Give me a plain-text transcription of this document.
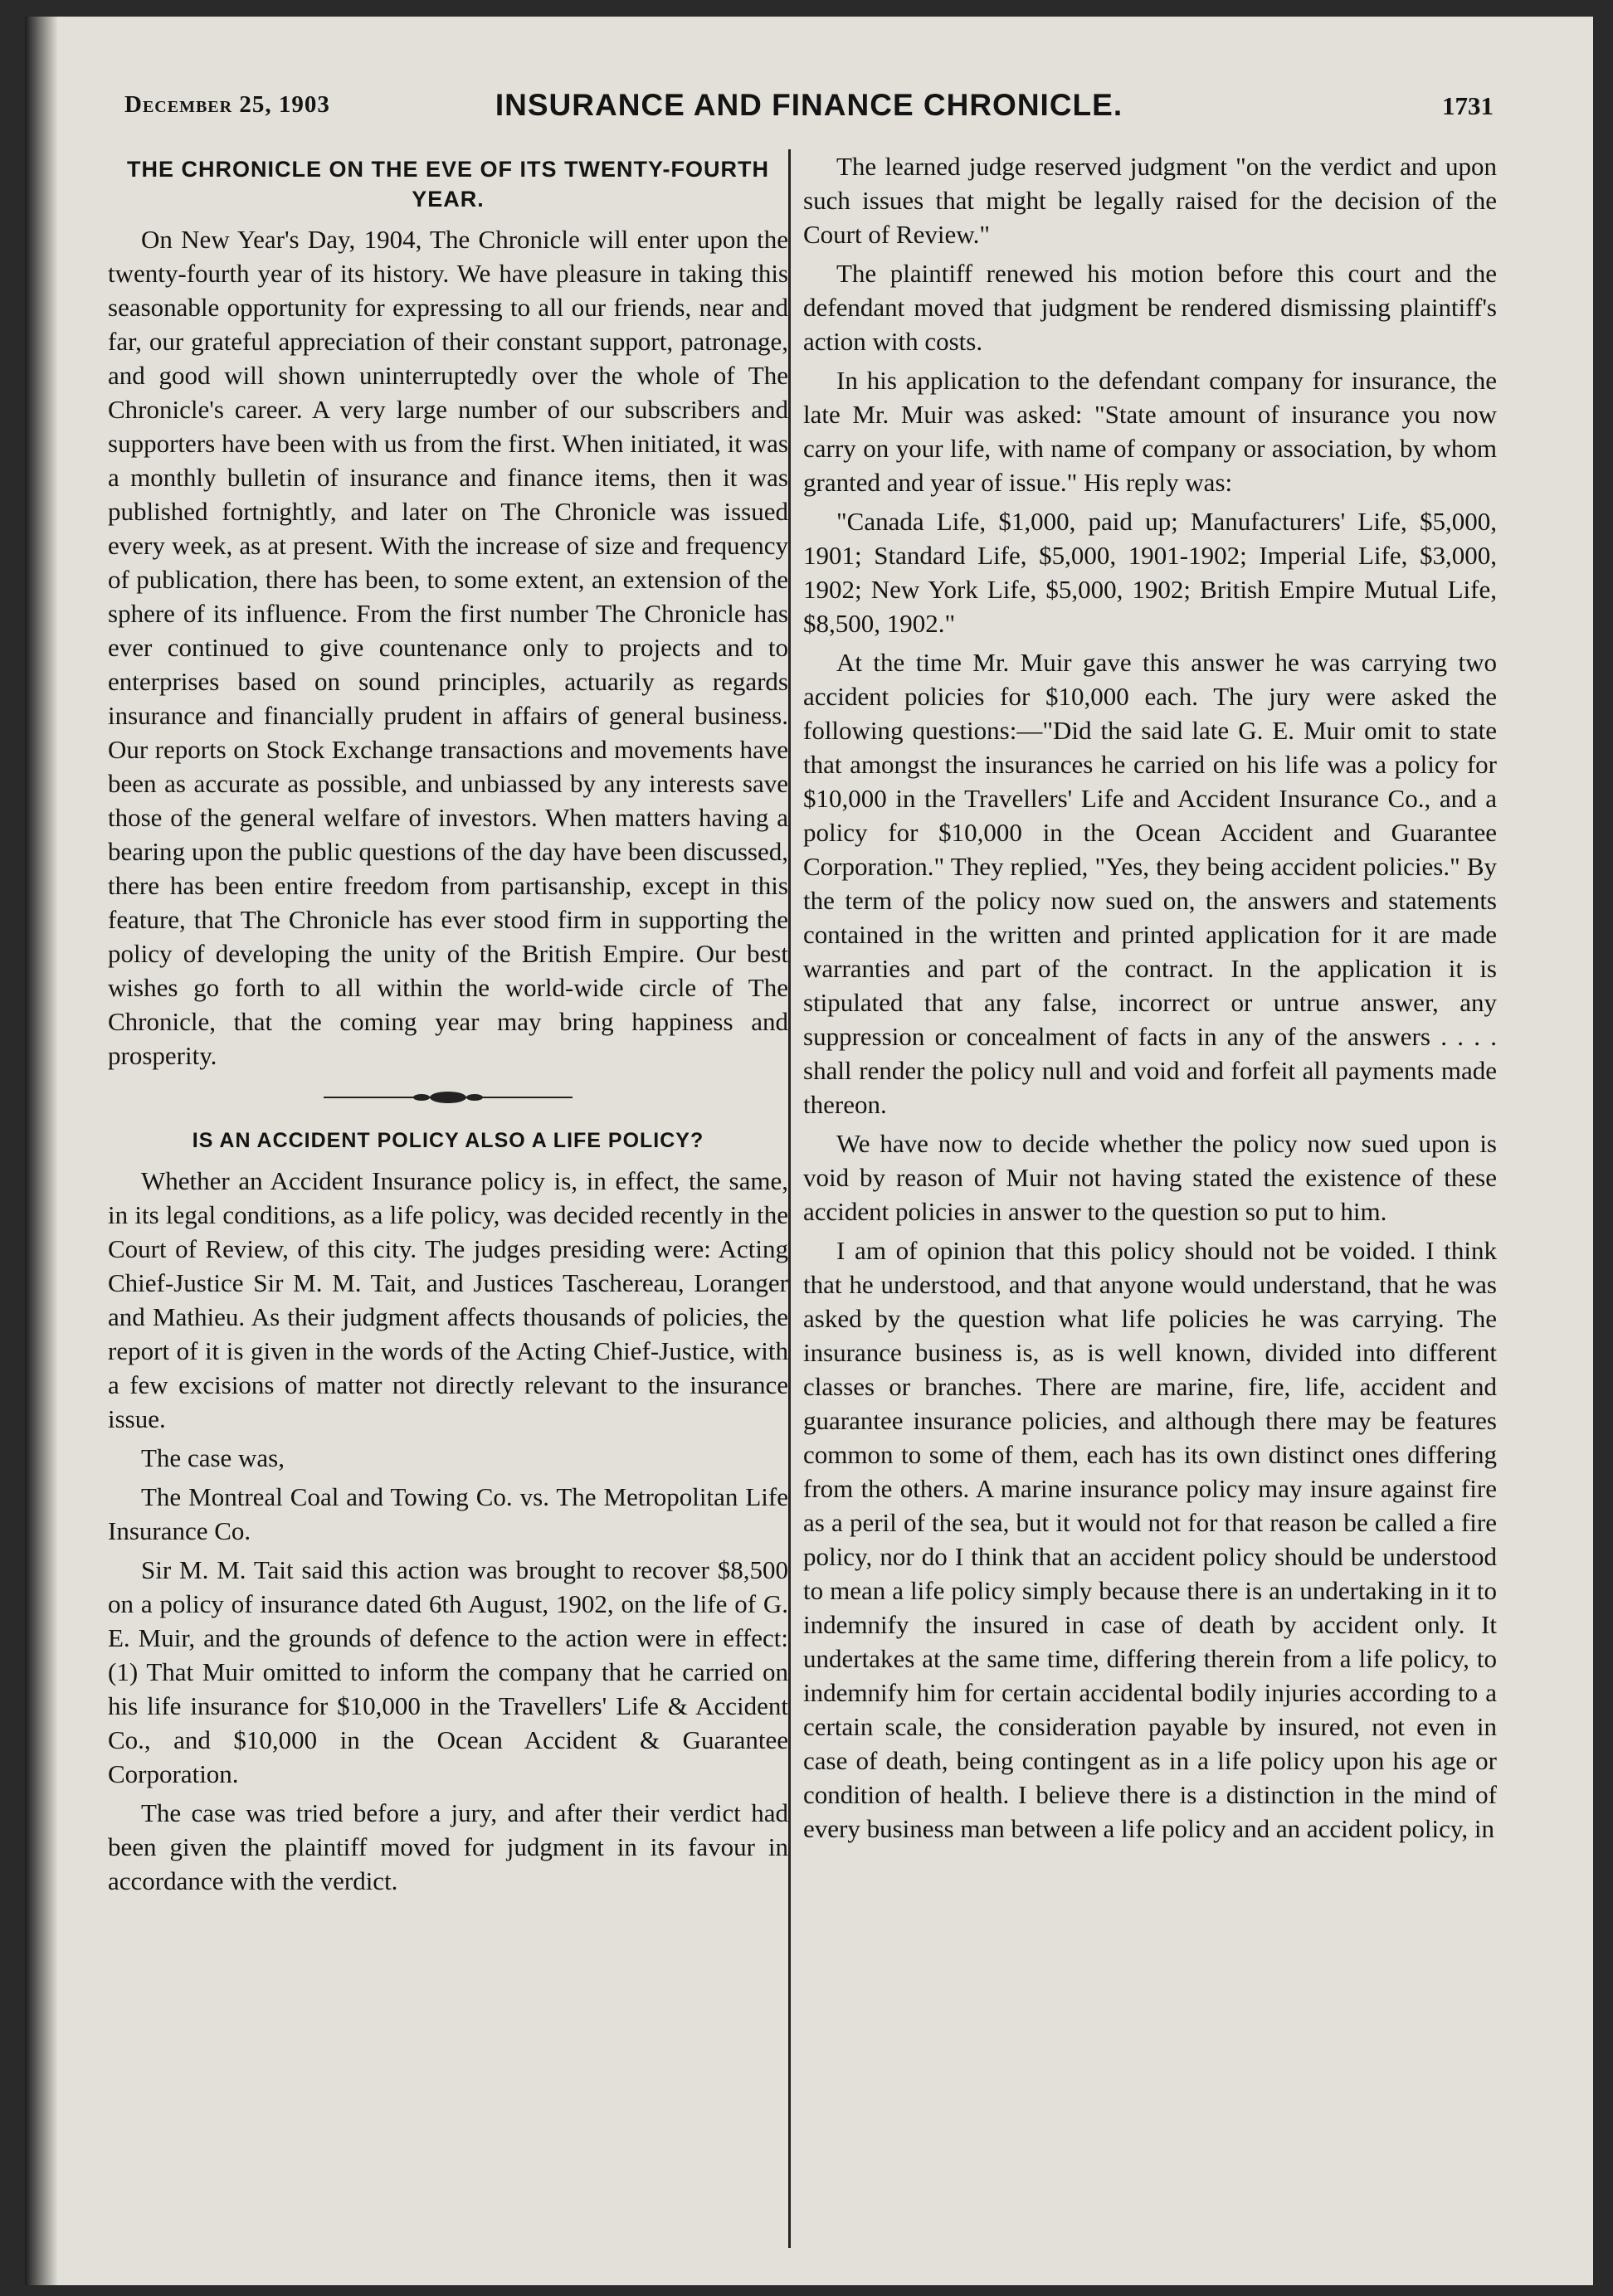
December 25, 1903	INSURANCE AND FINANCE CHRONICLE.	1731
THE CHRONICLE ON THE EVE OF ITS TWENTY-FOURTH YEAR.

On New Year's Day, 1904, The Chronicle will enter upon the twenty-fourth year of its history. We have pleasure in taking this seasonable opportunity for expressing to all our friends, near and far, our grateful appreciation of their constant support, patronage, and good will shown uninterruptedly over the whole of The Chronicle's career. A very large number of our subscribers and supporters have been with us from the first. When initiated, it was a monthly bulletin of insurance and finance items, then it was published fortnightly, and later on The Chronicle was issued every week, as at present. With the increase of size and frequency of publication, there has been, to some extent, an extension of the sphere of its influence. From the first number The Chronicle has ever continued to give countenance only to projects and to enterprises based on sound principles, actuarily as regards insurance and financially prudent in affairs of general business. Our reports on Stock Exchange transactions and movements have been as accurate as possible, and unbiassed by any interests save those of the general welfare of investors. When matters having a bearing upon the public questions of the day have been discussed, there has been entire freedom from partisanship, except in this feature, that The Chronicle has ever stood firm in supporting the policy of developing the unity of the British Empire. Our best wishes go forth to all within the world-wide circle of The Chronicle, that the coming year may bring happiness and prosperity.

IS AN ACCIDENT POLICY ALSO A LIFE POLICY?

Whether an Accident Insurance policy is, in effect, the same, in its legal conditions, as a life policy, was decided recently in the Court of Review, of this city. The judges presiding were: Acting Chief-Justice Sir M. M. Tait, and Justices Taschereau, Loranger and Mathieu. As their judgment affects thousands of policies, the report of it is given in the words of the Acting Chief-Justice, with a few excisions of matter not directly relevant to the insurance issue.

The case was,

The Montreal Coal and Towing Co. vs. The Metropolitan Life Insurance Co.

Sir M. M. Tait said this action was brought to recover $8,500 on a policy of insurance dated 6th August, 1902, on the life of G. E. Muir, and the grounds of defence to the action were in effect: (1) That Muir omitted to inform the company that he carried on his life insurance for $10,000 in the Travellers' Life & Accident Co., and $10,000 in the Ocean Accident & Guarantee Corporation.

The case was tried before a jury, and after their verdict had been given the plaintiff moved for judgment in its favour in accordance with the verdict.

The learned judge reserved judgment "on the verdict and upon such issues that might be legally raised for the decision of the Court of Review."

The plaintiff renewed his motion before this court and the defendant moved that judgment be rendered dismissing plaintiff's action with costs.

In his application to the defendant company for insurance, the late Mr. Muir was asked: "State amount of insurance you now carry on your life, with name of company or association, by whom granted and year of issue." His reply was:

"Canada Life, $1,000, paid up; Manufacturers' Life, $5,000, 1901; Standard Life, $5,000, 1901-1902; Imperial Life, $3,000, 1902; New York Life, $5,000, 1902; British Empire Mutual Life, $8,500, 1902."

At the time Mr. Muir gave this answer he was carrying two accident policies for $10,000 each. The jury were asked the following questions:—"Did the said late G. E. Muir omit to state that amongst the insurances he carried on his life was a policy for $10,000 in the Travellers' Life and Accident Insurance Co., and a policy for $10,000 in the Ocean Accident and Guarantee Corporation." They replied, "Yes, they being accident policies." By the term of the policy now sued on, the answers and statements contained in the written and printed application for it are made warranties and part of the contract. In the application it is stipulated that any false, incorrect or untrue answer, any suppression or concealment of facts in any of the answers . . . . shall render the policy null and void and forfeit all payments made thereon.

We have now to decide whether the policy now sued upon is void by reason of Muir not having stated the existence of these accident policies in answer to the question so put to him.

I am of opinion that this policy should not be voided. I think that he understood, and that anyone would understand, that he was asked by the question what life policies he was carrying. The insurance business is, as is well known, divided into different classes or branches. There are marine, fire, life, accident and guarantee insurance policies, and although there may be features common to some of them, each has its own distinct ones differing from the others. A marine insurance policy may insure against fire as a peril of the sea, but it would not for that reason be called a fire policy, nor do I think that an accident policy should be understood to mean a life policy simply because there is an undertaking in it to indemnify the insured in case of death by accident only. It undertakes at the same time, differing therein from a life policy, to indemnify him for certain accidental bodily injuries according to a certain scale, the consideration payable by insured, not even in case of death, being contingent as in a life policy upon his age or condition of health. I believe there is a distinction in the mind of every business man between a life policy and an accident policy, in
